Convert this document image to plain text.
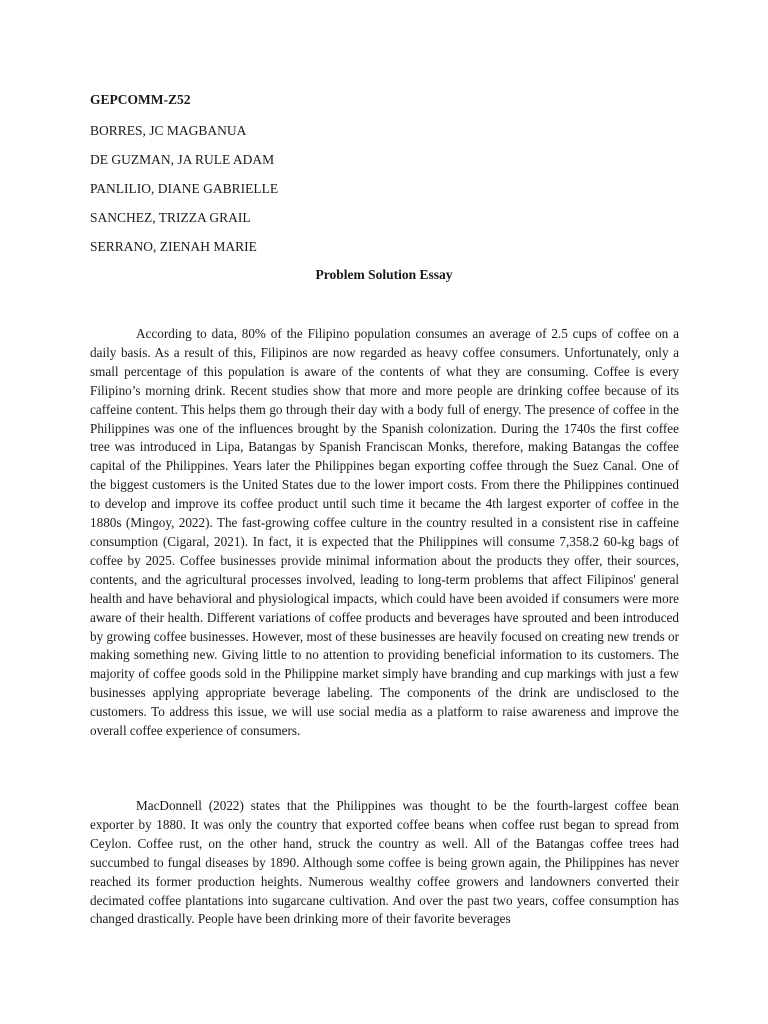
GEPCOMM-Z52

BORRES, JC MAGBANUA
DE GUZMAN, JA RULE ADAM
PANLILIO, DIANE GABRIELLE
SANCHEZ, TRIZZA GRAIL
SERRANO, ZIENAH MARIE
Problem Solution Essay

According to data, 80% of the Filipino population consumes an average of 2.5 cups of coffee on a daily basis. As a result of this, Filipinos are now regarded as heavy coffee consumers. Unfortunately, only a small percentage of this population is aware of the contents of what they are consuming. Coffee is every Filipino’s morning drink. Recent studies show that more and more people are drinking coffee because of its caffeine content. This helps them go through their day with a body full of energy. The presence of coffee in the Philippines was one of the influences brought by the Spanish colonization. During the 1740s the first coffee tree was introduced in Lipa, Batangas by Spanish Franciscan Monks, therefore, making Batangas the coffee capital of the Philippines. Years later the Philippines began exporting coffee through the Suez Canal. One of the biggest customers is the United States due to the lower import costs. From there the Philippines continued to develop and improve its coffee product until such time it became the 4th largest exporter of coffee in the 1880s (Mingoy, 2022). The fast-growing coffee culture in the country resulted in a consistent rise in caffeine consumption (Cigaral, 2021). In fact, it is expected that the Philippines will consume 7,358.2 60-kg bags of coffee by 2025. Coffee businesses provide minimal information about the products they offer, their sources, contents, and the agricultural processes involved, leading to long-term problems that affect Filipinos' general health and have behavioral and physiological impacts, which could have been avoided if consumers were more aware of their health. Different variations of coffee products and beverages have sprouted and been introduced by growing coffee businesses. However, most of these businesses are heavily focused on creating new trends or making something new. Giving little to no attention to providing beneficial information to its customers. The majority of coffee goods sold in the Philippine market simply have branding and cup markings with just a few businesses applying appropriate beverage labeling. The components of the drink are undisclosed to the customers. To address this issue, we will use social media as a platform to raise awareness and improve the overall coffee experience of consumers.

MacDonnell (2022) states that the Philippines was thought to be the fourth-largest coffee bean exporter by 1880. It was only the country that exported coffee beans when coffee rust began to spread from Ceylon. Coffee rust, on the other hand, struck the country as well. All of the Batangas coffee trees had succumbed to fungal diseases by 1890. Although some coffee is being grown again, the Philippines has never reached its former production heights. Numerous wealthy coffee growers and landowners converted their decimated coffee plantations into sugarcane cultivation. And over the past two years, coffee consumption has changed drastically. People have been drinking more of their favorite beverages
